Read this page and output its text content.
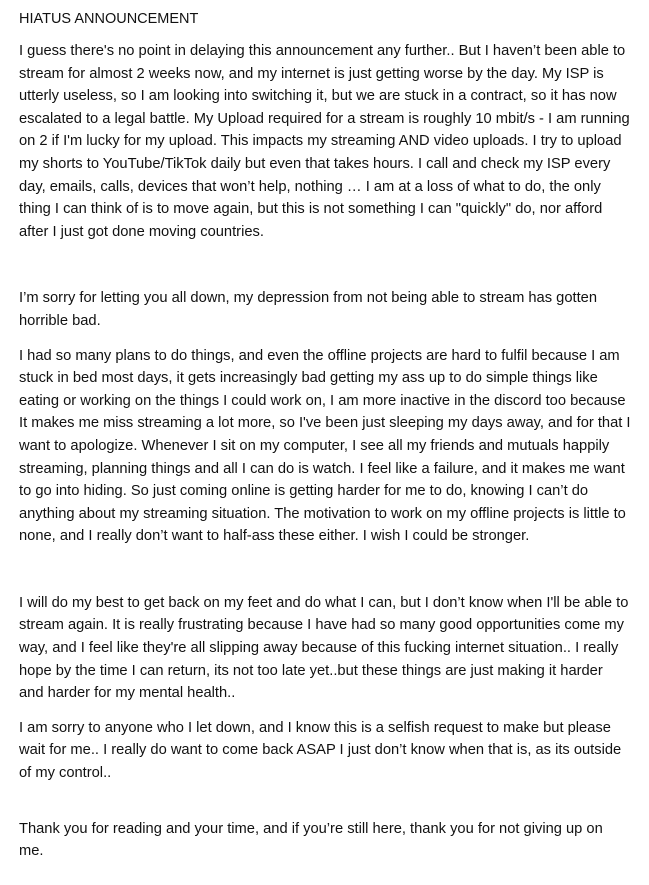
HIATUS ANNOUNCEMENT

I guess there's no point in delaying this announcement any further.. But I haven’t been able to stream for almost 2 weeks now, and my internet is just getting worse by the day. My ISP is utterly useless, so I am looking into switching it, but we are stuck in a contract, so it has now escalated to a legal battle. My Upload required for a stream is roughly 10 mbit/s - I am running on 2 if I'm lucky for my upload. This impacts my streaming AND video uploads. I try to upload my shorts to YouTube/TikTok daily but even that takes hours. I call and check my ISP every day, emails, calls, devices that won’t help, nothing … I am at a loss of what to do, the only thing I can think of is to move again, but this is not something I can "quickly" do, nor afford after I just got done moving countries.

I’m sorry for letting you all down, my depression from not being able to stream has gotten horrible bad.

I had so many plans to do things, and even the offline projects are hard to fulfil because I am stuck in bed most days, it gets increasingly bad getting my ass up to do simple things like eating or working on the things I could work on, I am more inactive in the discord too because It makes me miss streaming a lot more, so I've been just sleeping my days away, and for that I want to apologize. Whenever I sit on my computer, I see all my friends and mutuals happily streaming, planning things and all I can do is watch. I feel like a failure, and it makes me want to go into hiding. So just coming online is getting harder for me to do, knowing I can’t do anything about my streaming situation. The motivation to work on my offline projects is little to none, and I really don’t want to half-ass these either. I wish I could be stronger.

I will do my best to get back on my feet and do what I can, but I don’t know when I'll be able to stream again. It is really frustrating because I have had so many good opportunities come my way, and I feel like they're all slipping away because of this fucking internet situation.. I really hope by the time I can return, its not too late yet..but these things are just making it harder and harder for my mental health..

I am sorry to anyone who I let down, and I know this is a selfish request to make but please wait for me.. I really do want to come back ASAP I just don’t know when that is, as its outside of my control..

Thank you for reading and your time, and if you’re still here, thank you for not giving up on me.
